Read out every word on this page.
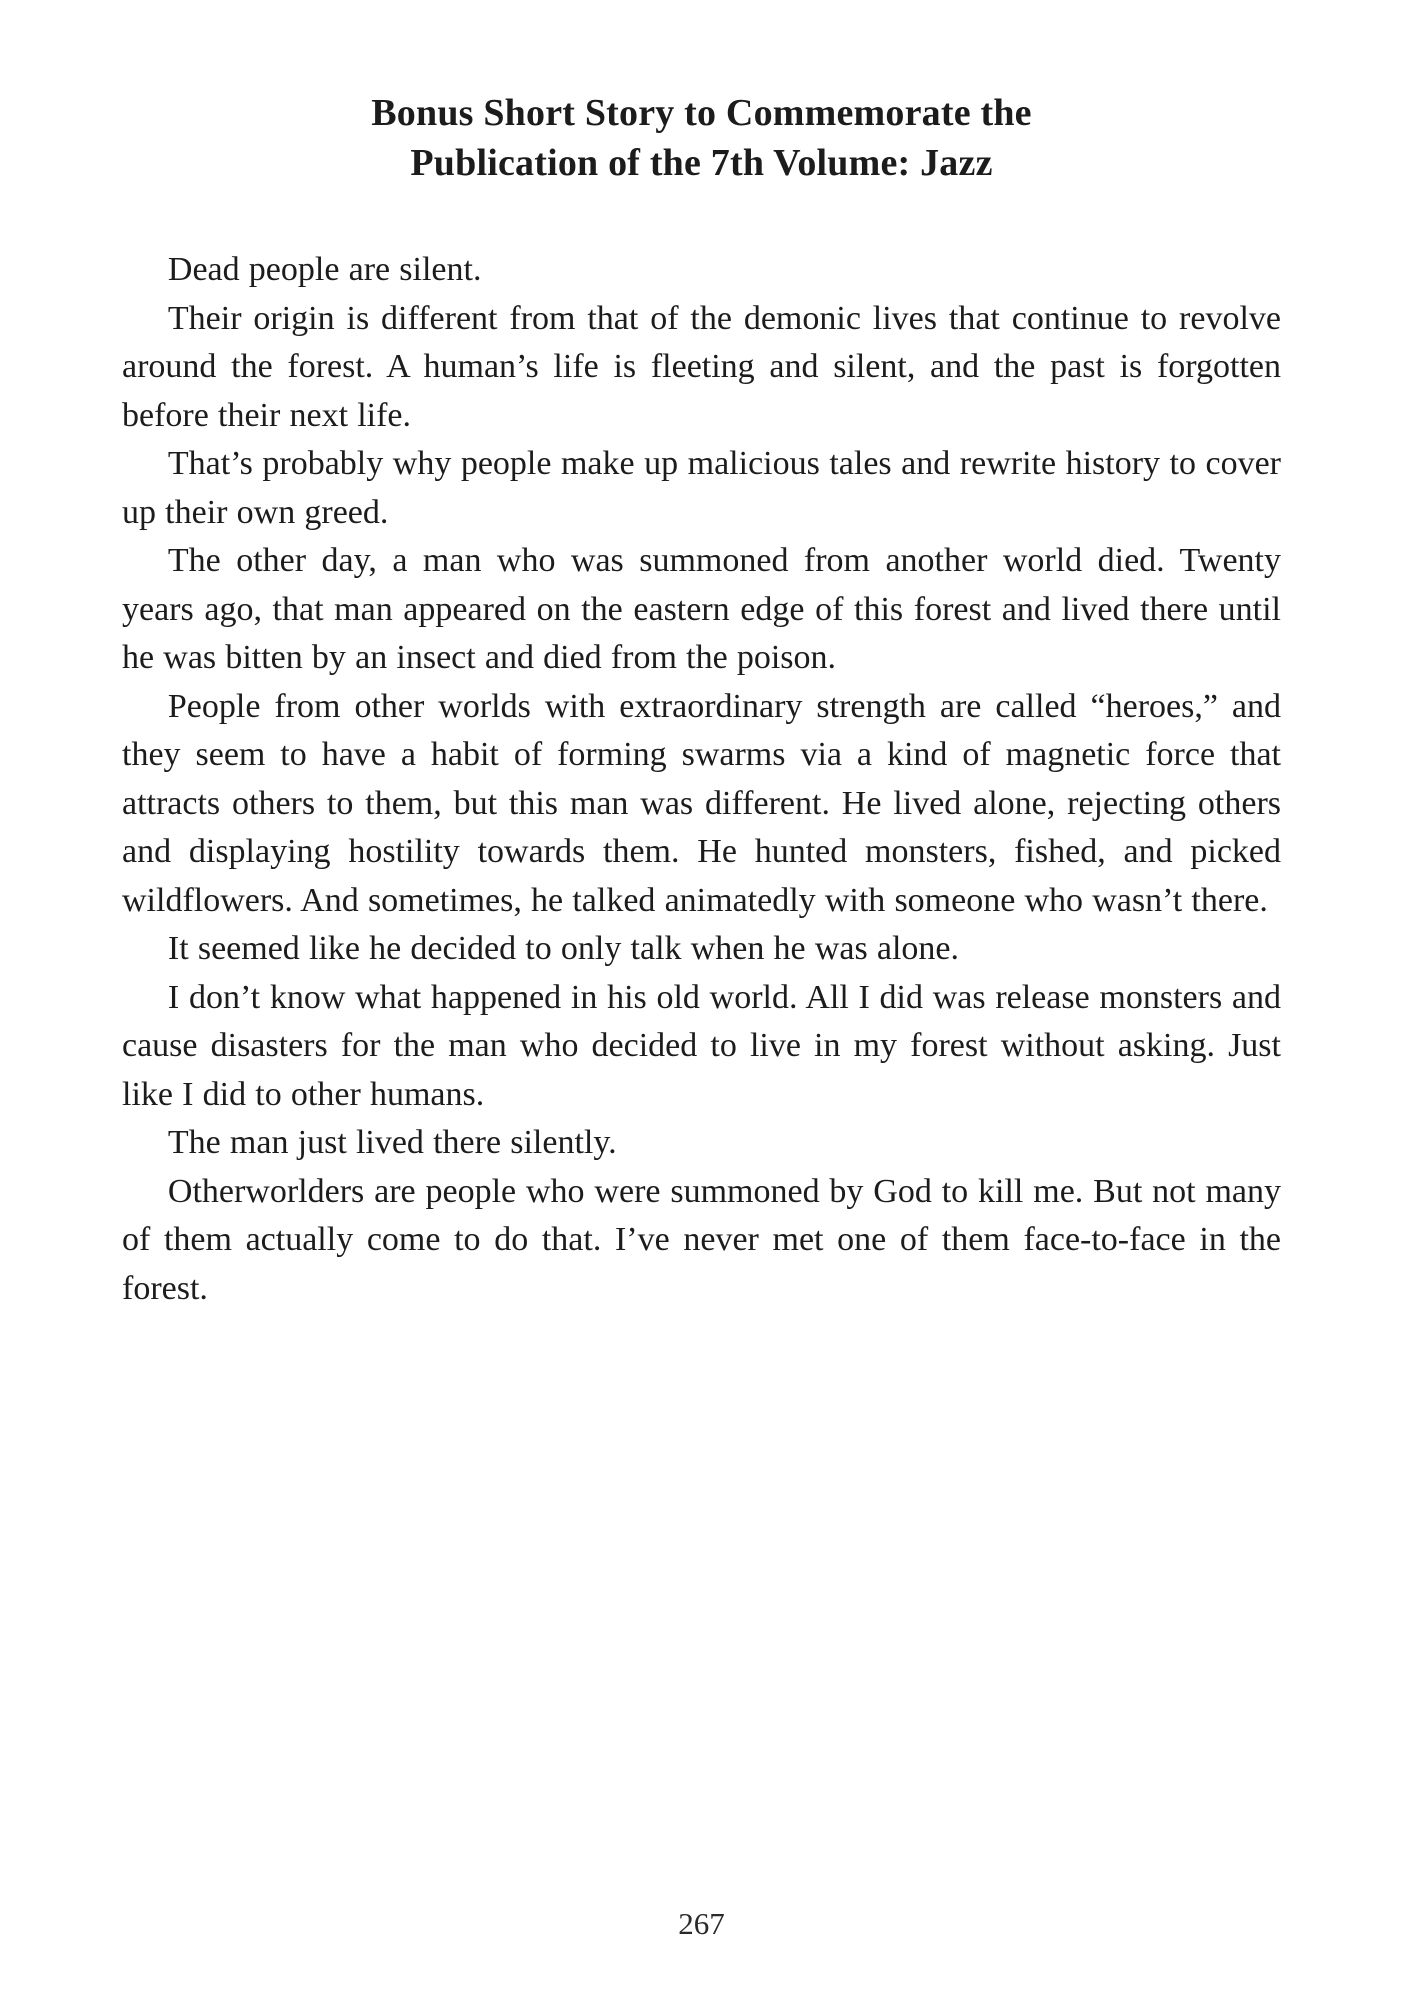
Bonus Short Story to Commemorate the
Publication of the 7th Volume: Jazz

Dead people are silent.

Their origin is different from that of the demonic lives that continue to revolve around the forest. A human’s life is fleeting and silent, and the past is forgotten before their next life.

That’s probably why people make up malicious tales and rewrite history to cover up their own greed.

The other day, a man who was summoned from another world died. Twenty years ago, that man appeared on the eastern edge of this forest and lived there until he was bitten by an insect and died from the poison.

People from other worlds with extraordinary strength are called “heroes,” and they seem to have a habit of forming swarms via a kind of magnetic force that attracts others to them, but this man was different. He lived alone, rejecting others and displaying hostility towards them. He hunted monsters, fished, and picked wildflowers. And sometimes, he talked animatedly with someone who wasn’t there.

It seemed like he decided to only talk when he was alone.

I don’t know what happened in his old world. All I did was release monsters and cause disasters for the man who decided to live in my forest without asking. Just like I did to other humans.

The man just lived there silently.

Otherworlders are people who were summoned by God to kill me. But not many of them actually come to do that. I’ve never met one of them face-to-face in the forest.

267
